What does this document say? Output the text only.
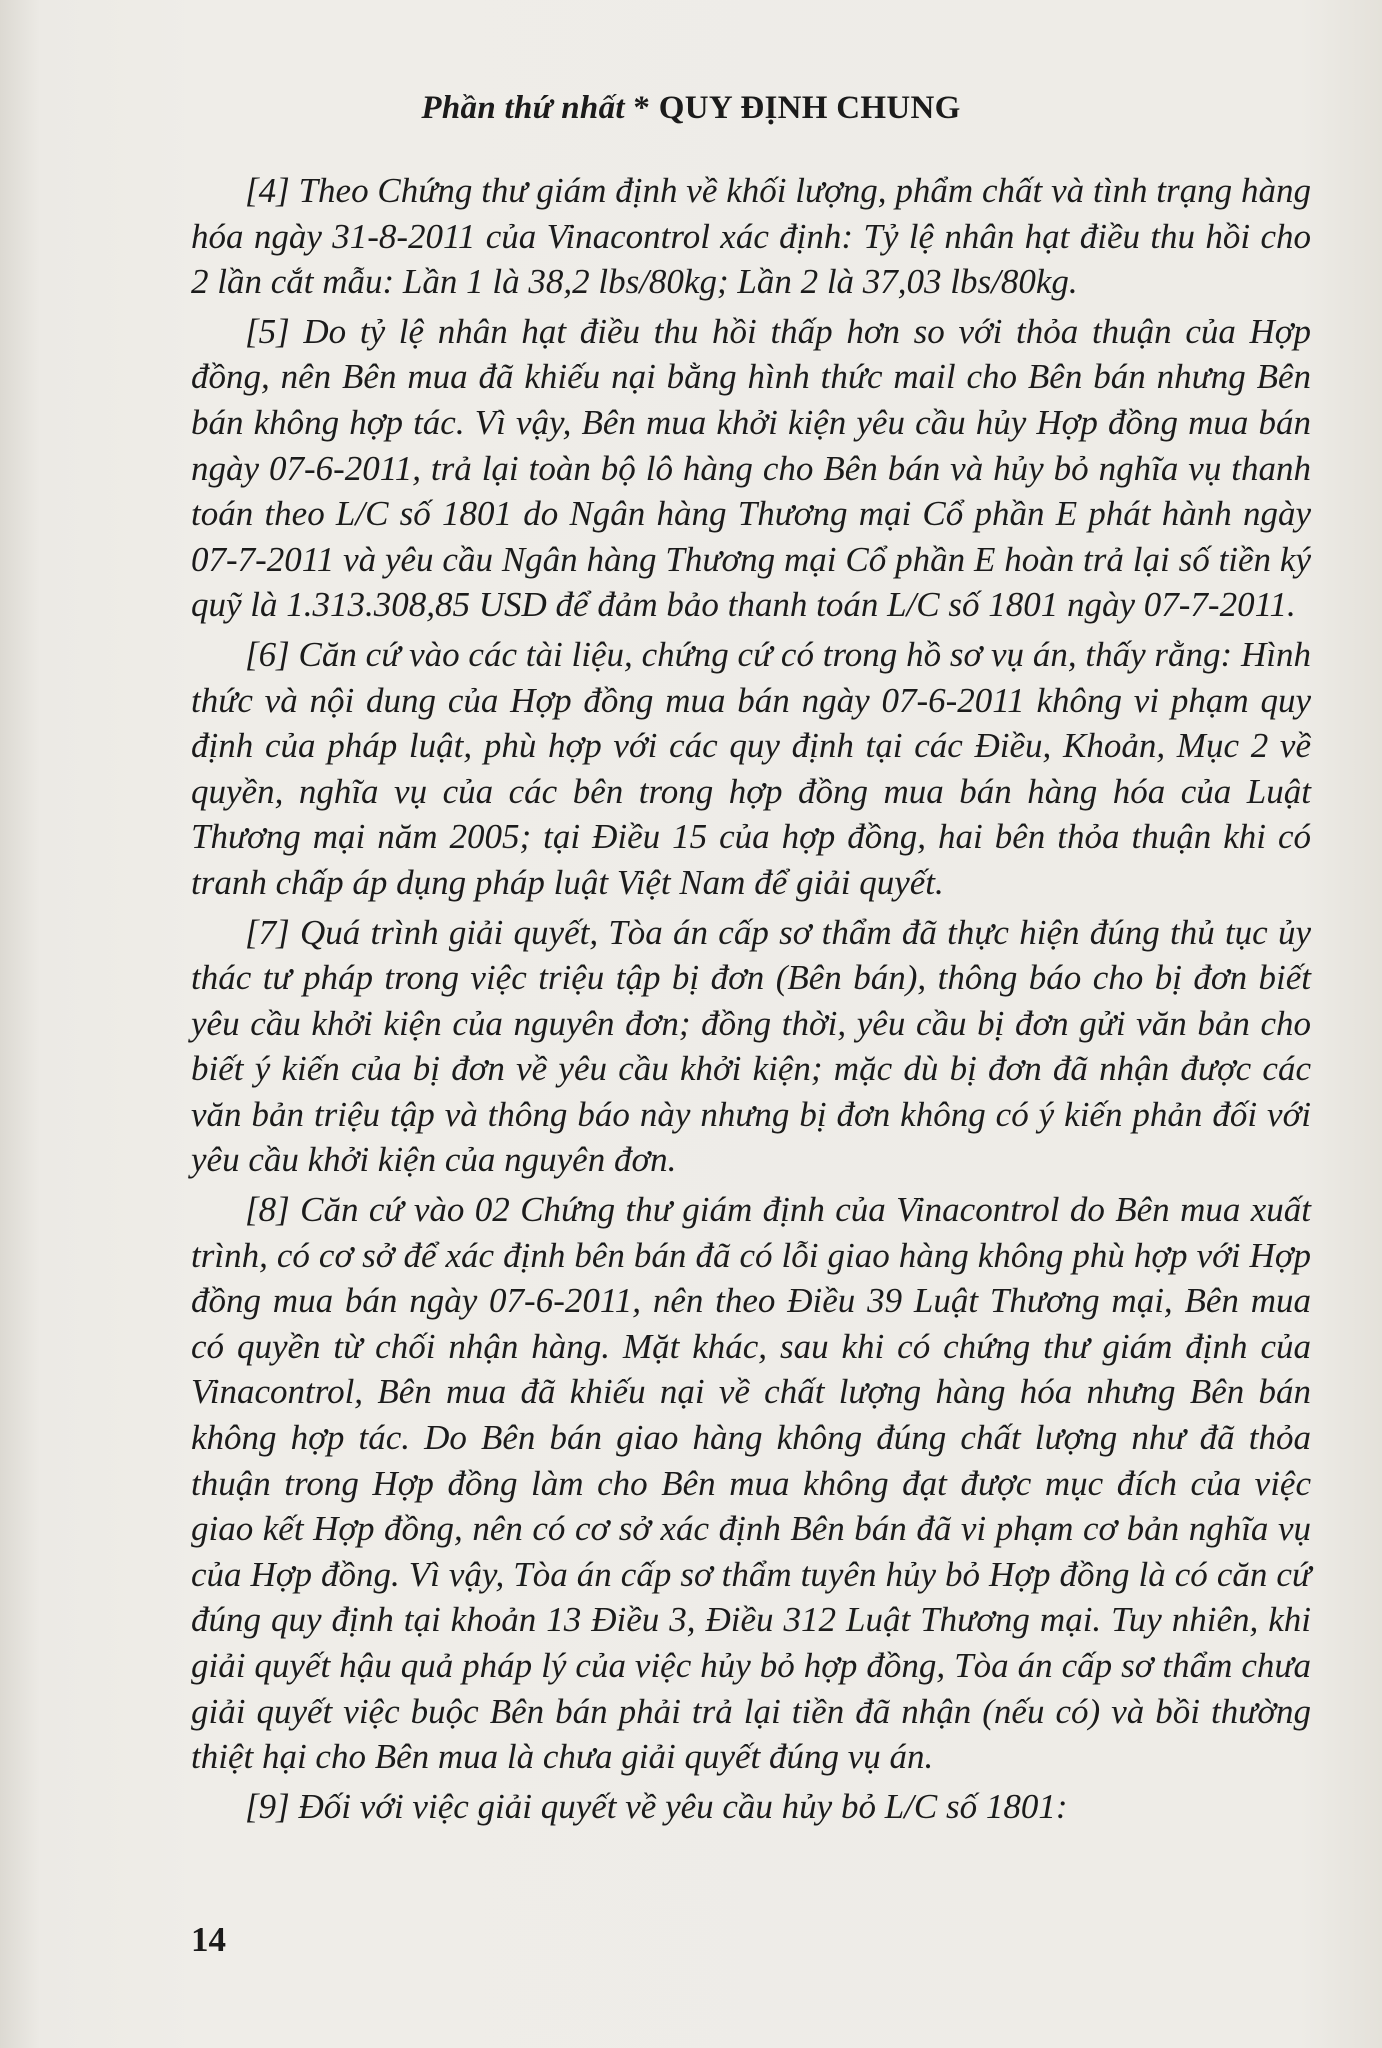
Phần thứ nhất * QUY ĐỊNH CHUNG

[4] Theo Chứng thư giám định về khối lượng, phẩm chất và tình trạng hàng hóa ngày 31-8-2011 của Vinacontrol xác định: Tỷ lệ nhân hạt điều thu hồi cho 2 lần cắt mẫu: Lần 1 là 38,2 lbs/80kg; Lần 2 là 37,03 lbs/80kg.

[5] Do tỷ lệ nhân hạt điều thu hồi thấp hơn so với thỏa thuận của Hợp đồng, nên Bên mua đã khiếu nại bằng hình thức mail cho Bên bán nhưng Bên bán không hợp tác. Vì vậy, Bên mua khởi kiện yêu cầu hủy Hợp đồng mua bán ngày 07-6-2011, trả lại toàn bộ lô hàng cho Bên bán và hủy bỏ nghĩa vụ thanh toán theo L/C số 1801 do Ngân hàng Thương mại Cổ phần E phát hành ngày 07-7-2011 và yêu cầu Ngân hàng Thương mại Cổ phần E hoàn trả lại số tiền ký quỹ là 1.313.308,85 USD để đảm bảo thanh toán L/C số 1801 ngày 07-7-2011.

[6] Căn cứ vào các tài liệu, chứng cứ có trong hồ sơ vụ án, thấy rằng: Hình thức và nội dung của Hợp đồng mua bán ngày 07-6-2011 không vi phạm quy định của pháp luật, phù hợp với các quy định tại các Điều, Khoản, Mục 2 về quyền, nghĩa vụ của các bên trong hợp đồng mua bán hàng hóa của Luật Thương mại năm 2005; tại Điều 15 của hợp đồng, hai bên thỏa thuận khi có tranh chấp áp dụng pháp luật Việt Nam để giải quyết.

[7] Quá trình giải quyết, Tòa án cấp sơ thẩm đã thực hiện đúng thủ tục ủy thác tư pháp trong việc triệu tập bị đơn (Bên bán), thông báo cho bị đơn biết yêu cầu khởi kiện của nguyên đơn; đồng thời, yêu cầu bị đơn gửi văn bản cho biết ý kiến của bị đơn về yêu cầu khởi kiện; mặc dù bị đơn đã nhận được các văn bản triệu tập và thông báo này nhưng bị đơn không có ý kiến phản đối với yêu cầu khởi kiện của nguyên đơn.

[8] Căn cứ vào 02 Chứng thư giám định của Vinacontrol do Bên mua xuất trình, có cơ sở để xác định bên bán đã có lỗi giao hàng không phù hợp với Hợp đồng mua bán ngày 07-6-2011, nên theo Điều 39 Luật Thương mại, Bên mua có quyền từ chối nhận hàng. Mặt khác, sau khi có chứng thư giám định của Vinacontrol, Bên mua đã khiếu nại về chất lượng hàng hóa nhưng Bên bán không hợp tác. Do Bên bán giao hàng không đúng chất lượng như đã thỏa thuận trong Hợp đồng làm cho Bên mua không đạt được mục đích của việc giao kết Hợp đồng, nên có cơ sở xác định Bên bán đã vi phạm cơ bản nghĩa vụ của Hợp đồng. Vì vậy, Tòa án cấp sơ thẩm tuyên hủy bỏ Hợp đồng là có căn cứ đúng quy định tại khoản 13 Điều 3, Điều 312 Luật Thương mại. Tuy nhiên, khi giải quyết hậu quả pháp lý của việc hủy bỏ hợp đồng, Tòa án cấp sơ thẩm chưa giải quyết việc buộc Bên bán phải trả lại tiền đã nhận (nếu có) và bồi thường thiệt hại cho Bên mua là chưa giải quyết đúng vụ án.

[9] Đối với việc giải quyết về yêu cầu hủy bỏ L/C số 1801:

14
